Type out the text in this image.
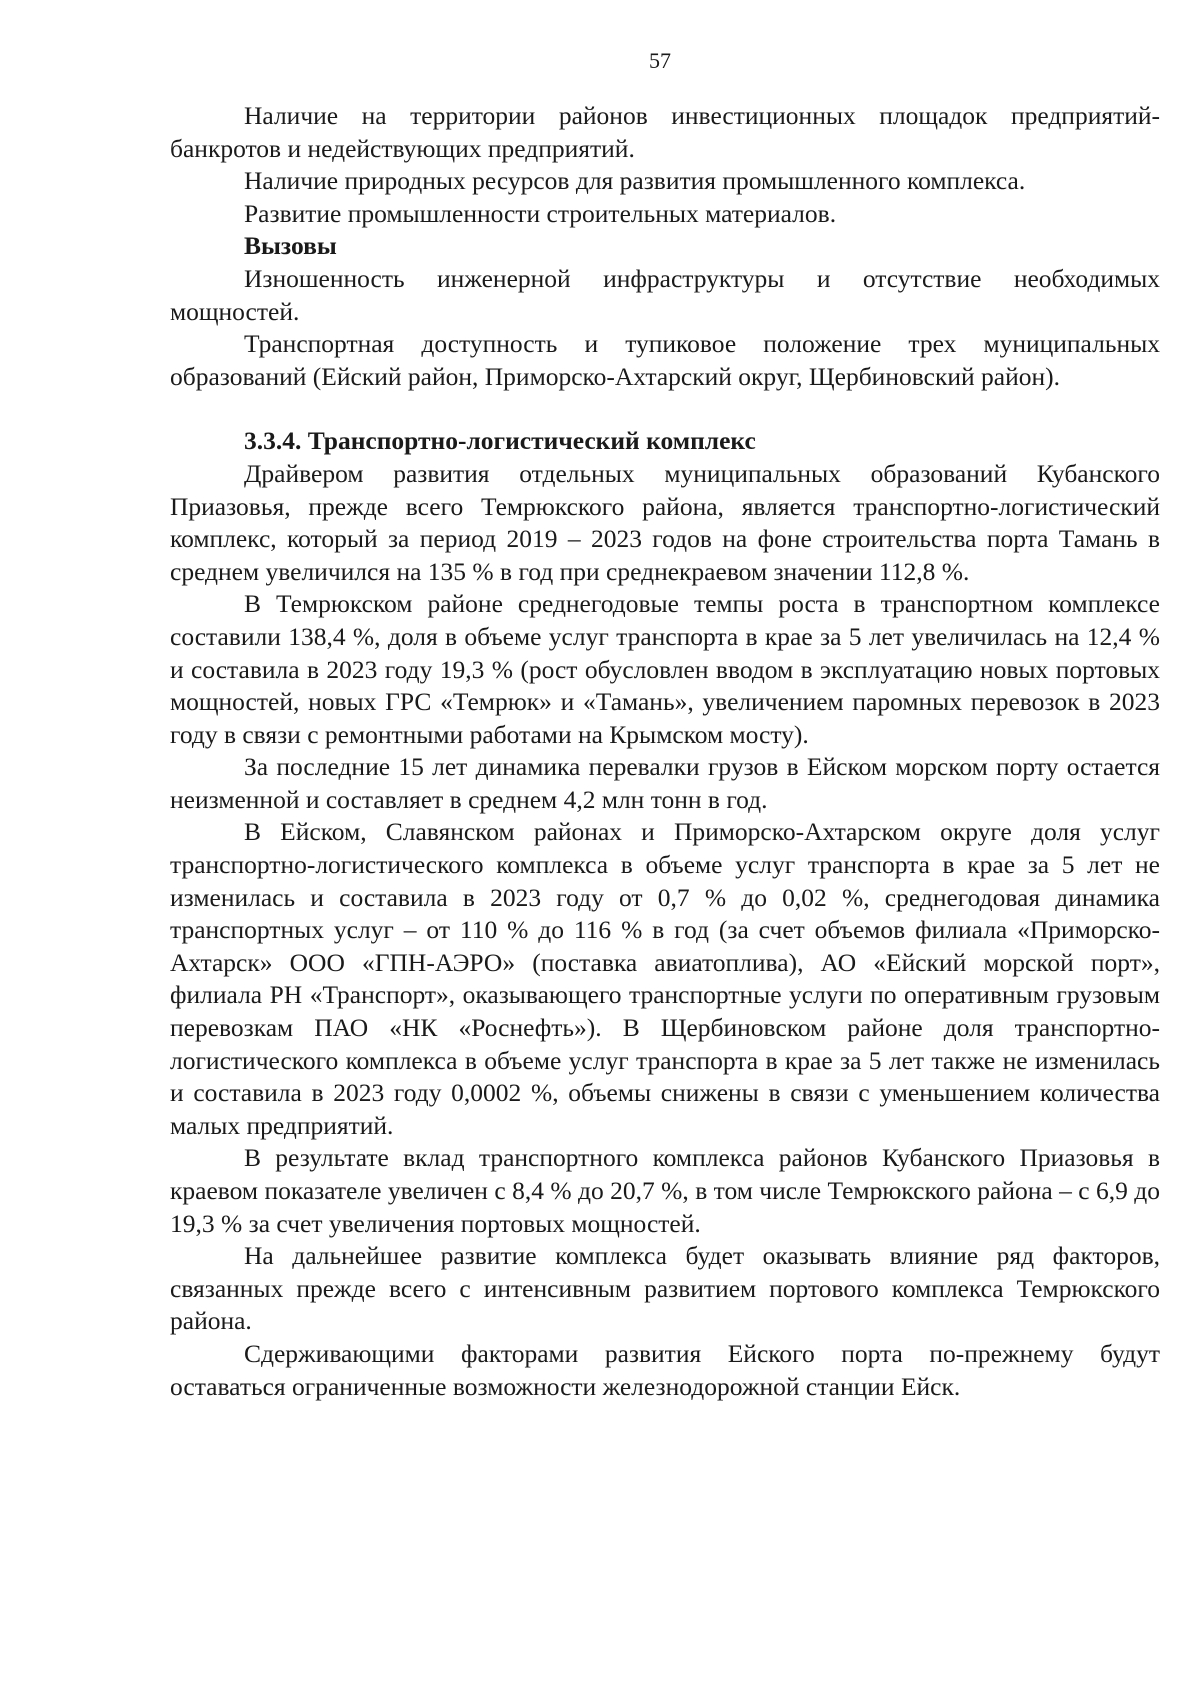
57

Наличие на территории районов инвестиционных площадок предприятий-банкротов и недействующих предприятий.

Наличие природных ресурсов для развития промышленного комплекса.

Развитие промышленности строительных материалов.

Вызовы

Изношенность инженерной инфраструктуры и отсутствие необходимых мощностей.

Транспортная доступность и тупиковое положение трех муниципальных образований (Ейский район, Приморско-Ахтарский округ, Щербиновский район).

3.3.4. Транспортно-логистический комплекс

Драйвером развития отдельных муниципальных образований Кубанского Приазовья, прежде всего Темрюкского района, является транспортно-логистический комплекс, который за период 2019 – 2023 годов на фоне строительства порта Тамань в среднем увеличился на 135 % в год при среднекраевом значении 112,8 %.

В Темрюкском районе среднегодовые темпы роста в транспортном комплексе составили 138,4 %, доля в объеме услуг транспорта в крае за 5 лет увеличилась на 12,4 % и составила в 2023 году 19,3 % (рост обусловлен вводом в эксплуатацию новых портовых мощностей, новых ГРС «Темрюк» и «Тамань», увеличением паромных перевозок в 2023 году в связи с ремонтными работами на Крымском мосту).

За последние 15 лет динамика перевалки грузов в Ейском морском порту остается неизменной и составляет в среднем 4,2 млн тонн в год.

В Ейском, Славянском районах и Приморско-Ахтарском округе доля услуг транспортно-логистического комплекса в объеме услуг транспорта в крае за 5 лет не изменилась и составила в 2023 году от 0,7 % до 0,02 %, среднегодовая динамика транспортных услуг – от 110 % до 116 % в год (за счет объемов филиала «Приморско-Ахтарск» ООО «ГПН-АЭРО» (поставка авиатоплива), АО «Ейский морской порт», филиала РН «Транспорт», оказывающего транспортные услуги по оперативным грузовым перевозкам ПАО «НК «Роснефть»). В Щербиновском районе доля транспортно-логистического комплекса в объеме услуг транспорта в крае за 5 лет также не изменилась и составила в 2023 году 0,0002 %, объемы снижены в связи с уменьшением количества малых предприятий.

В результате вклад транспортного комплекса районов Кубанского Приазовья в краевом показателе увеличен с 8,4 % до 20,7 %, в том числе Темрюкского района – с 6,9 до 19,3 % за счет увеличения портовых мощностей.

На дальнейшее развитие комплекса будет оказывать влияние ряд факторов, связанных прежде всего с интенсивным развитием портового комплекса Темрюкского района.

Сдерживающими факторами развития Ейского порта по-прежнему будут оставаться ограниченные возможности железнодорожной станции Ейск.
